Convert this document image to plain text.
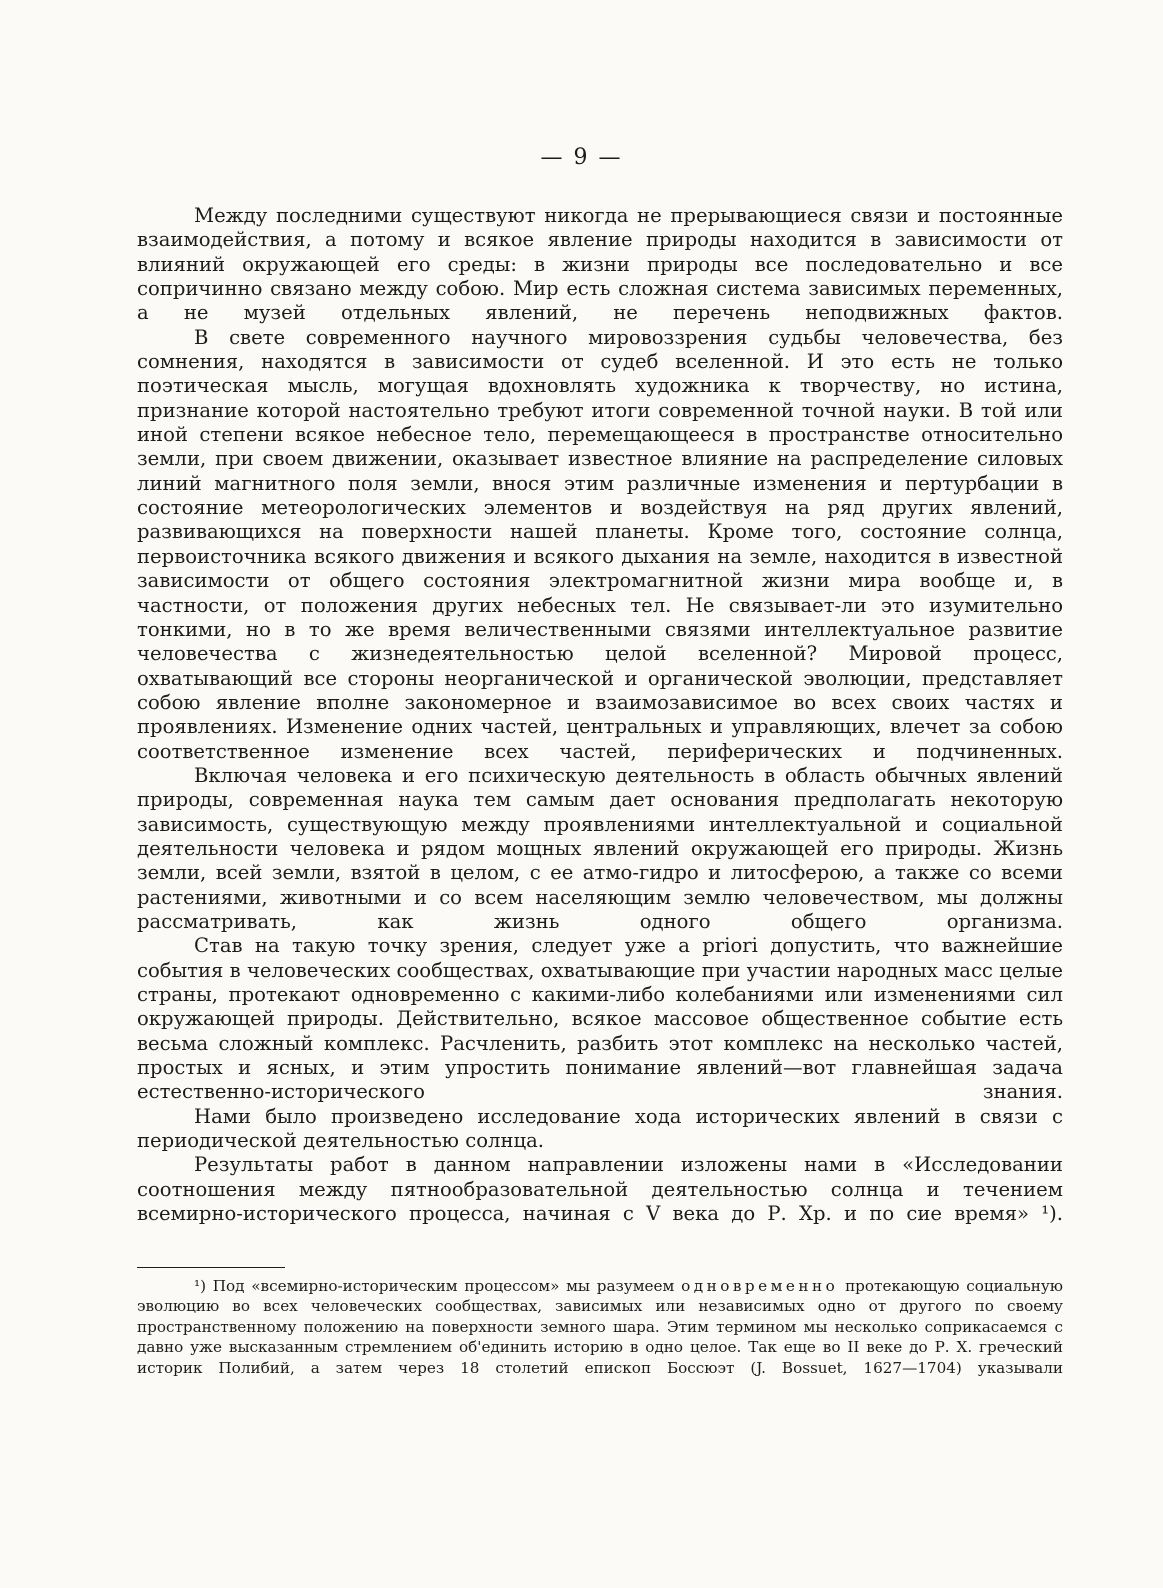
— 9 —

Между последними существуют никогда не прерывающиеся связи и постоянные взаимодействия, а потому и всякое явление природы находится в зависимости от влияний окружающей его среды: в жизни природы все последовательно и все сопричинно связано между собою. Мир есть сложная система зависимых переменных, а не музей отдельных явлений, не перечень неподвижных фактов.

В свете современного научного мировоззрения судьбы человечества, без сомнения, находятся в зависимости от судеб вселенной. И это есть не только поэтическая мысль, могущая вдохновлять художника к творчеству, но истина, признание которой настоятельно требуют итоги современной точной науки. В той или иной степени всякое небесное тело, перемещающееся в пространстве относительно земли, при своем движении, оказывает известное влияние на распределение силовых линий магнитного поля земли, внося этим различные изменения и пертурбации в состояние метеорологических элементов и воздействуя на ряд других явлений, развивающихся на поверхности нашей планеты. Кроме того, состояние солнца, первоисточника всякого движения и всякого дыхания на земле, находится в известной зависимости от общего состояния электромагнитной жизни мира вообще и, в частности, от положения других небесных тел. Не связывает-ли это изумительно тонкими, но в то же время величественными связями интеллектуальное развитие человечества с жизнедеятельностью целой вселенной? Мировой процесс, охватывающий все стороны неорганической и органической эволюции, представляет собою явление вполне закономерное и взаимозависимое во всех своих частях и проявлениях. Изменение одних частей, центральных и управляющих, влечет за собою соответственное изменение всех частей, периферических и подчиненных.

Включая человека и его психическую деятельность в область обычных явлений природы, современная наука тем самым дает основания предполагать некоторую зависимость, существующую между проявлениями интеллектуальной и социальной деятельности человека и рядом мощных явлений окружающей его природы. Жизнь земли, всей земли, взятой в целом, с ее атмо-гидро и литосферою, а также со всеми растениями, животными и со всем населяющим землю человечеством, мы должны рассматривать, как жизнь одного общего организма.

Став на такую точку зрения, следует уже a priori допустить, что важнейшие события в человеческих сообществах, охватывающие при участии народных масс целые страны, протекают одновременно с какими-либо колебаниями или изменениями сил окружающей природы. Действительно, всякое массовое общественное событие есть весьма сложный комплекс. Расчленить, разбить этот комплекс на несколько частей, простых и ясных, и этим упростить понимание явлений—вот главнейшая задача естественно-исторического знания.

Нами было произведено исследование хода исторических явлений в связи с периодической деятельностью солнца.

Результаты работ в данном направлении изложены нами в «Исследовании соотношения между пятнообразовательной деятельностью солнца и течением всемирно-исторического процесса, начиная с V века до Р. Хр. и по сие время» ¹).

¹) Под «всемирно-историческим процессом» мы разумеем одновременно протекающую социальную эволюцию во всех человеческих сообществах, зависимых или независимых одно от другого по своему пространственному положению на поверхности земного шара. Этим термином мы несколько соприкасаемся с давно уже высказанным стремлением об'единить историю в одно целое. Так еще во II веке до Р. Х. греческий историк Полибий, а затем через 18 столетий епископ Боссюэт (J. Bossuet, 1627—1704) указывали
